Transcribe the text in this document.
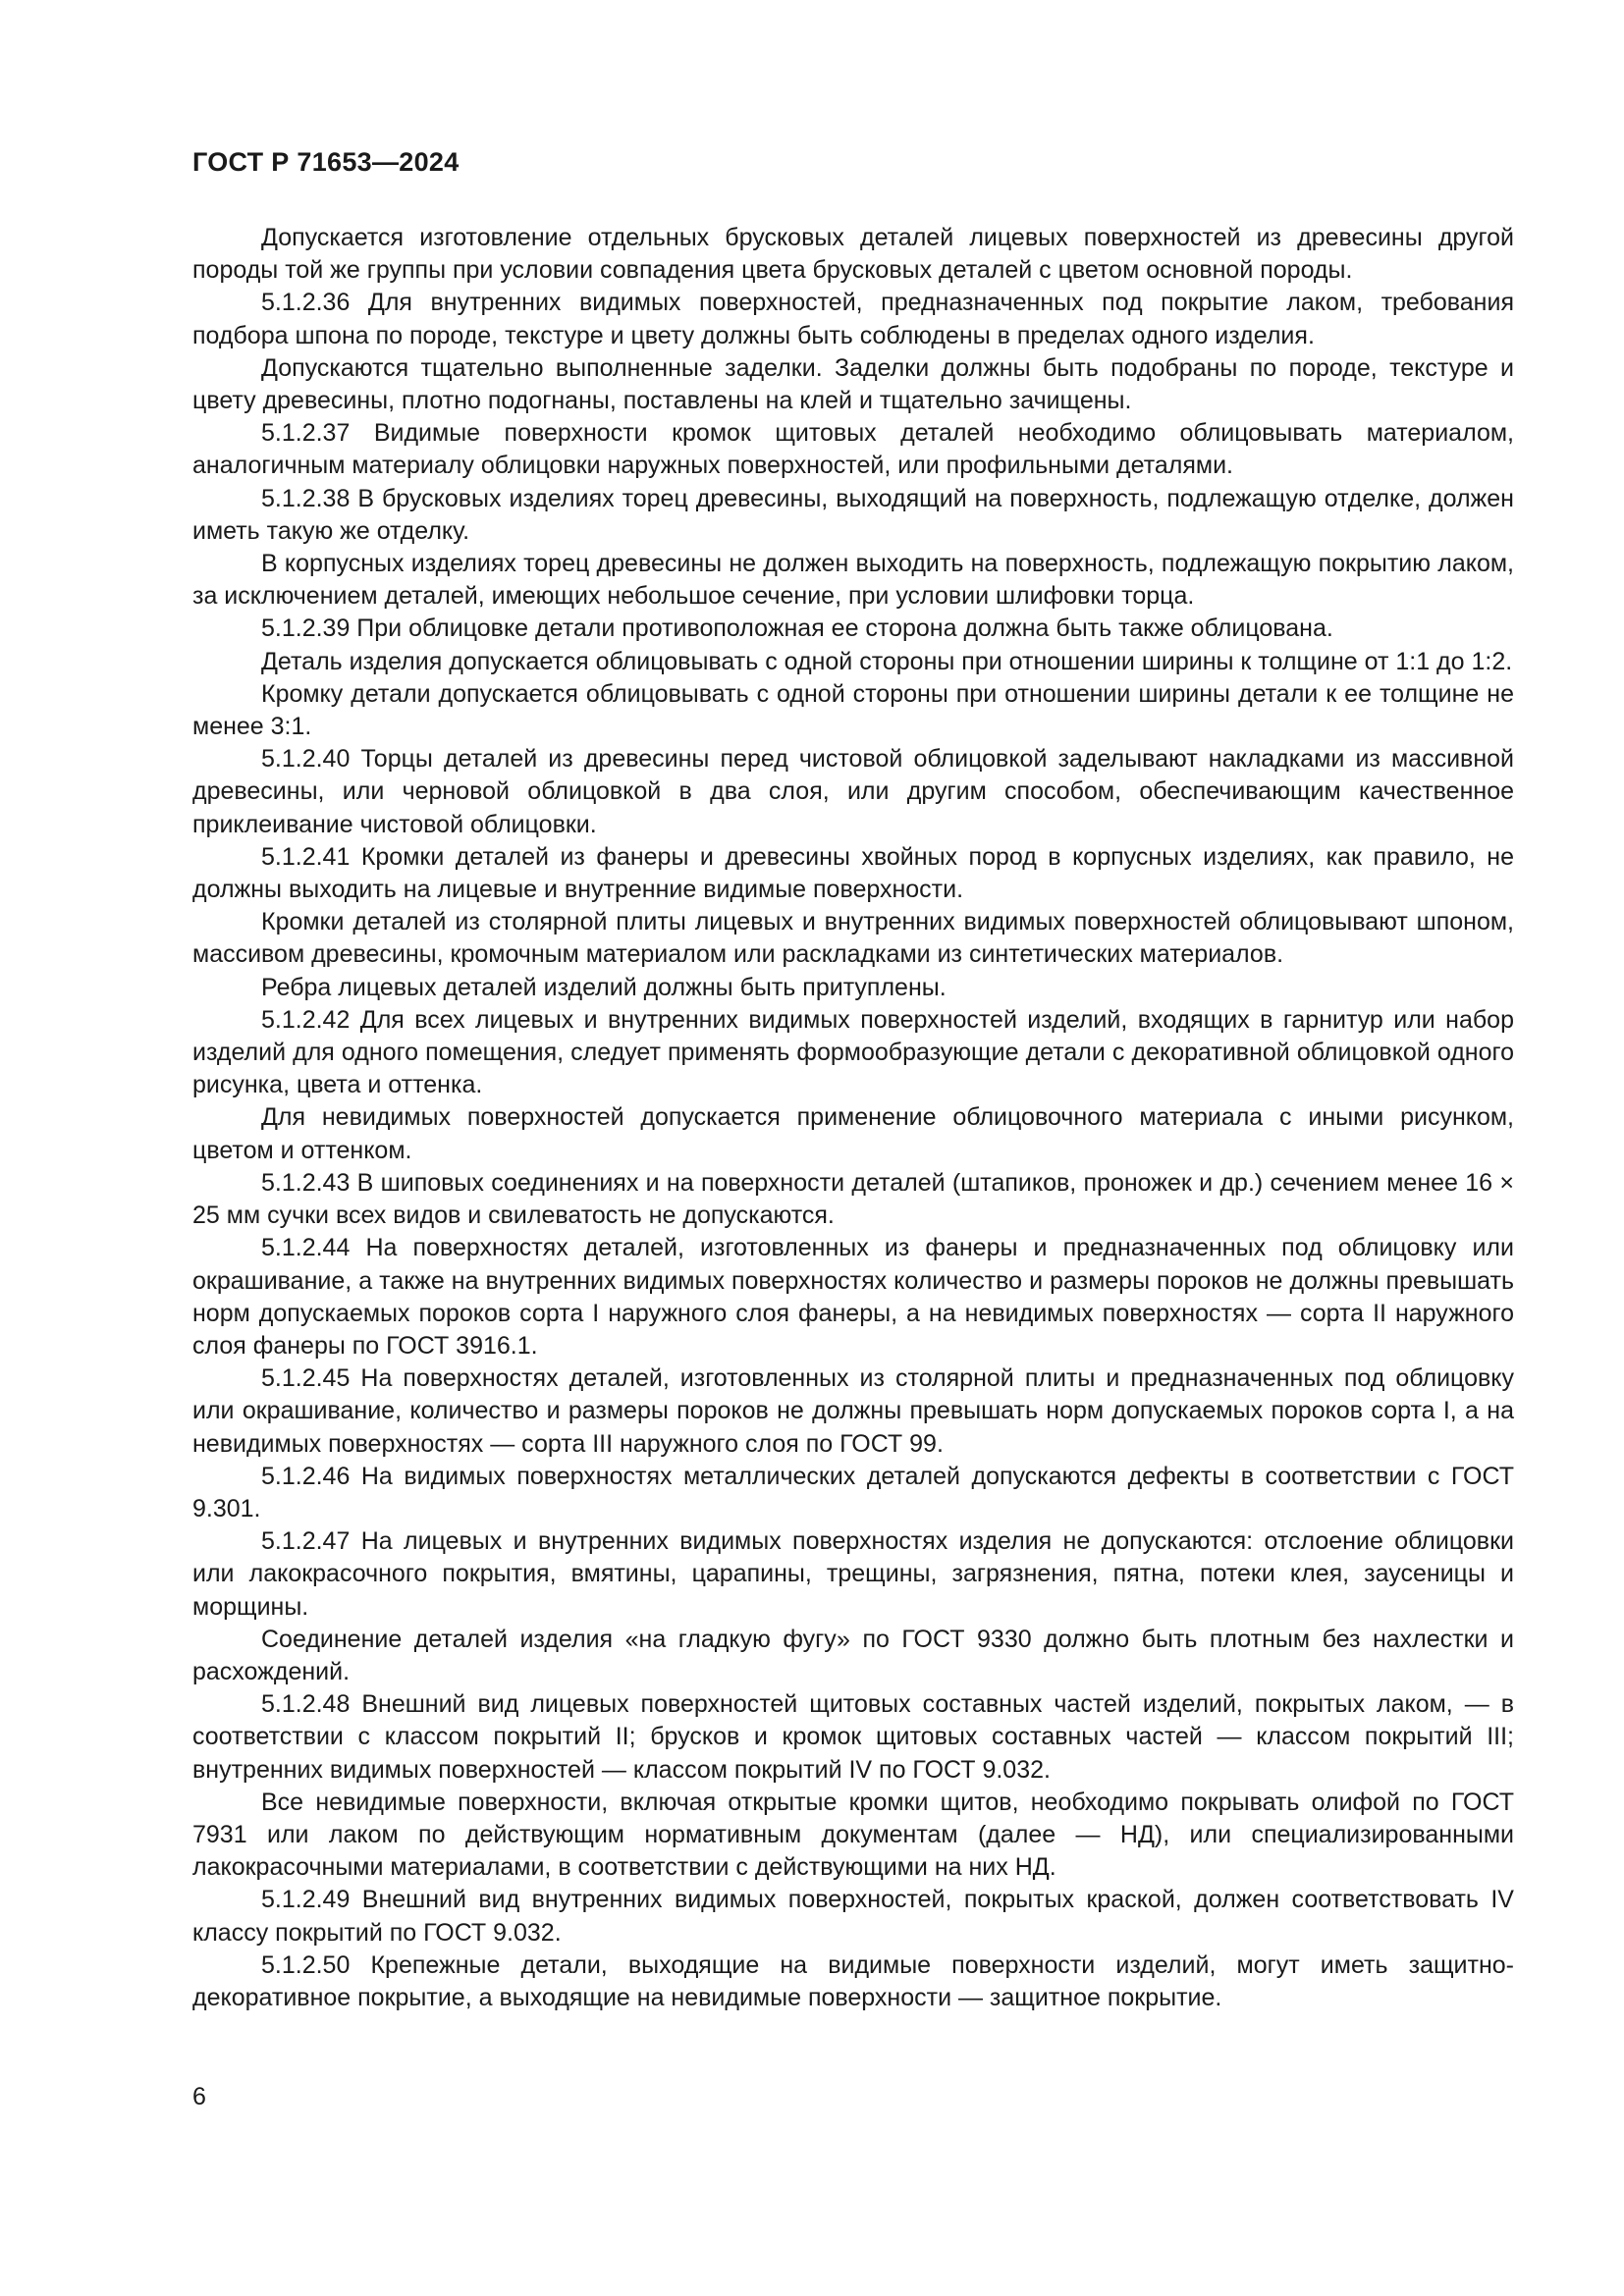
ГОСТ Р 71653—2024

Допускается изготовление отдельных брусковых деталей лицевых поверхностей из древесины другой породы той же группы при условии совпадения цвета брусковых деталей с цветом основной породы.

5.1.2.36 Для внутренних видимых поверхностей, предназначенных под покрытие лаком, требования подбора шпона по породе, текстуре и цвету должны быть соблюдены в пределах одного изделия.

Допускаются тщательно выполненные заделки. Заделки должны быть подобраны по породе, текстуре и цвету древесины, плотно подогнаны, поставлены на клей и тщательно зачищены.

5.1.2.37 Видимые поверхности кромок щитовых деталей необходимо облицовывать материалом, аналогичным материалу облицовки наружных поверхностей, или профильными деталями.

5.1.2.38 В брусковых изделиях торец древесины, выходящий на поверхность, подлежащую отделке, должен иметь такую же отделку.

В корпусных изделиях торец древесины не должен выходить на поверхность, подлежащую покрытию лаком, за исключением деталей, имеющих небольшое сечение, при условии шлифовки торца.

5.1.2.39 При облицовке детали противоположная ее сторона должна быть также облицована.

Деталь изделия допускается облицовывать с одной стороны при отношении ширины к толщине от 1:1 до 1:2.

Кромку детали допускается облицовывать с одной стороны при отношении ширины детали к ее толщине не менее 3:1.

5.1.2.40 Торцы деталей из древесины перед чистовой облицовкой заделывают накладками из массивной древесины, или черновой облицовкой в два слоя, или другим способом, обеспечивающим качественное приклеивание чистовой облицовки.

5.1.2.41 Кромки деталей из фанеры и древесины хвойных пород в корпусных изделиях, как правило, не должны выходить на лицевые и внутренние видимые поверхности.

Кромки деталей из столярной плиты лицевых и внутренних видимых поверхностей облицовывают шпоном, массивом древесины, кромочным материалом или раскладками из синтетических материалов.

Ребра лицевых деталей изделий должны быть притуплены.

5.1.2.42 Для всех лицевых и внутренних видимых поверхностей изделий, входящих в гарнитур или набор изделий для одного помещения, следует применять формообразующие детали с декоративной облицовкой одного рисунка, цвета и оттенка.

Для невидимых поверхностей допускается применение облицовочного материала с иными рисунком, цветом и оттенком.

5.1.2.43 В шиповых соединениях и на поверхности деталей (штапиков, проножек и др.) сечением менее 16 × 25 мм сучки всех видов и свилеватость не допускаются.

5.1.2.44 На поверхностях деталей, изготовленных из фанеры и предназначенных под облицовку или окрашивание, а также на внутренних видимых поверхностях количество и размеры пороков не должны превышать норм допускаемых пороков сорта I наружного слоя фанеры, а на невидимых поверхностях — сорта II наружного слоя фанеры по ГОСТ 3916.1.

5.1.2.45 На поверхностях деталей, изготовленных из столярной плиты и предназначенных под облицовку или окрашивание, количество и размеры пороков не должны превышать норм допускаемых пороков сорта I, а на невидимых поверхностях — сорта III наружного слоя по ГОСТ 99.

5.1.2.46 На видимых поверхностях металлических деталей допускаются дефекты в соответствии с ГОСТ 9.301.

5.1.2.47 На лицевых и внутренних видимых поверхностях изделия не допускаются: отслоение облицовки или лакокрасочного покрытия, вмятины, царапины, трещины, загрязнения, пятна, потеки клея, заусеницы и морщины.

Соединение деталей изделия «на гладкую фугу» по ГОСТ 9330 должно быть плотным без нахлестки и расхождений.

5.1.2.48 Внешний вид лицевых поверхностей щитовых составных частей изделий, покрытых лаком, — в соответствии с классом покрытий II; брусков и кромок щитовых составных частей — классом покрытий III; внутренних видимых поверхностей — классом покрытий IV по ГОСТ 9.032.

Все невидимые поверхности, включая открытые кромки щитов, необходимо покрывать олифой по ГОСТ 7931 или лаком по действующим нормативным документам (далее — НД), или специализированными лакокрасочными материалами, в соответствии с действующими на них НД.

5.1.2.49 Внешний вид внутренних видимых поверхностей, покрытых краской, должен соответствовать IV классу покрытий по ГОСТ 9.032.

5.1.2.50 Крепежные детали, выходящие на видимые поверхности изделий, могут иметь защитно-декоративное покрытие, а выходящие на невидимые поверхности — защитное покрытие.

6
